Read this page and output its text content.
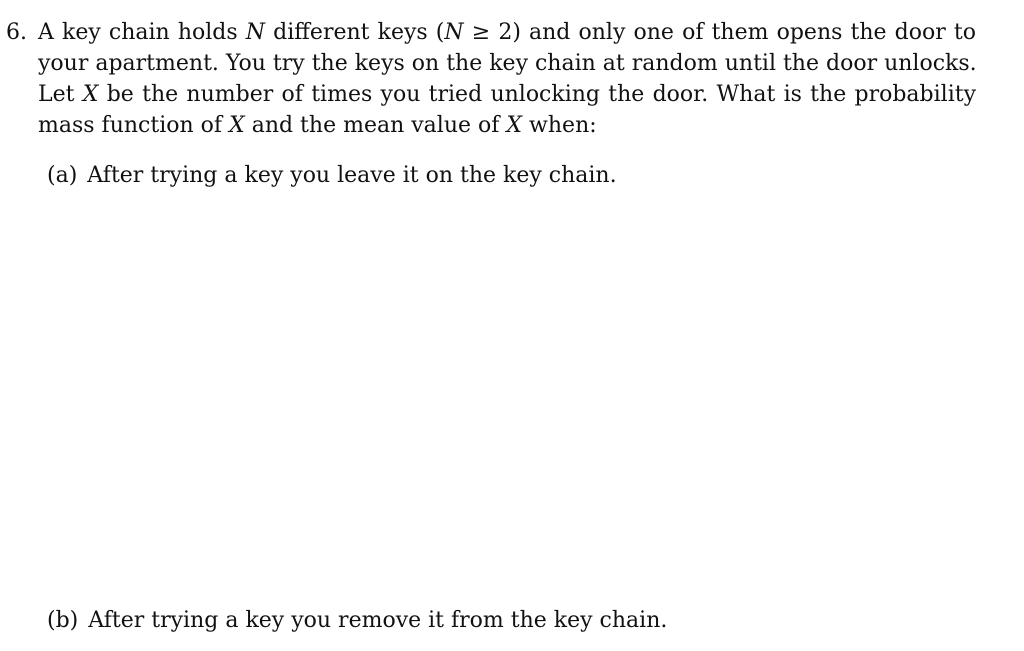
6. A key chain holds N different keys (N ≥ 2) and only one of them opens the door to
your apartment. You try the keys on the key chain at random until the door unlocks.
Let X be the number of times you tried unlocking the door. What is the probability
mass function of X and the mean value of X when:
(a) After trying a key you leave it on the key chain.
(b) After trying a key you remove it from the key chain.
